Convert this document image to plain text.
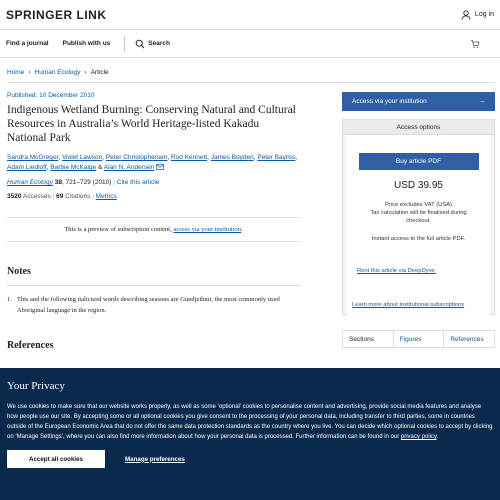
SPRINGER LINK	Log in
Find a journal Publish with us	Search
Home › Human Ecology › Article
Published: 10 December 2010
Indigenous Wetland Burning: Conserving Natural and Cultural Resources in Australia’s World Heritage-listed Kakadu National Park
Sandra McGregor, Violet Lawson, Peter Christophersen, Rod Kennett, James Boyden, Peter Bayliss, Adam Liedloff, Barbie McKaige & Alan N. Andersen
Human Ecology 38, 721–729 (2010) | Cite this article
3520 Accesses | 69 Citations | Metrics
This is a preview of subscription content, access via your institution.
Notes
1. This and the following italicized words describing seasons are Gundjeihmi, the most commonly used Aboriginal language in the region.
References
Access via your institution	→
Access options
Buy article PDF
USD 39.95
Price excludes VAT (USA)
Tax calculation will be finalised during
checkout.
Instant access to the full article PDF.
Rent this article via DeepDyve.
Learn more about Institutional subscriptions
Sections	Figures	References
Your Privacy

We use cookies to make sure that our website works properly, as well as some ‘optional’ cookies to personalise content and advertising, provide social media features and analyse how people use our site. By accepting some or all optional cookies you give consent to the processing of your personal data, including transfer to third parties, some in countries outside of the European Economic Area that do not offer the same data protection standards as the country where you live. You can decide which optional cookies to accept by clicking on ‘Manage Settings’, where you can also find more information about how your personal data is processed. Further information can be found in our privacy policy.

Accept all cookies	Manage preferences
